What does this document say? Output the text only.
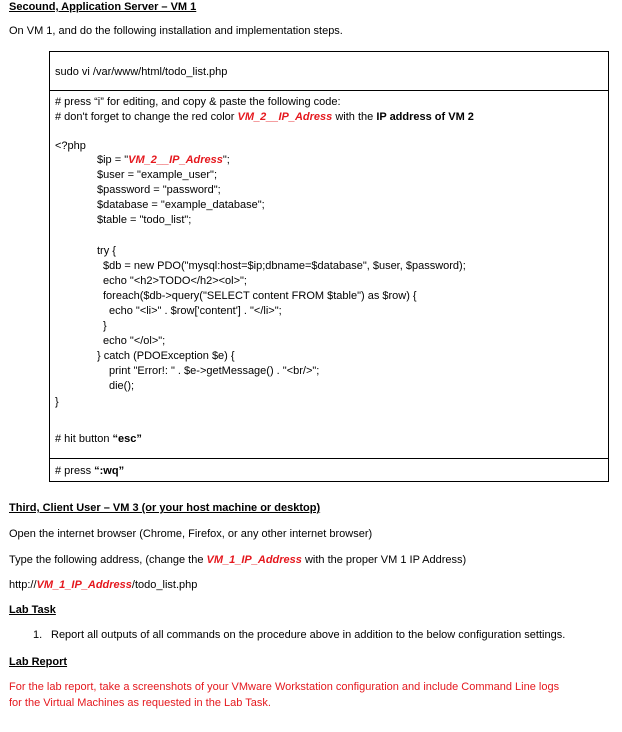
Secound, Application Server – VM 1
On VM 1, and do the following installation and implementation steps.
sudo vi /var/www/html/todo_list.php
# press “i” for editing, and copy & paste the following code:
# don't forget to change the red color VM_2__IP_Adress with the IP address of VM 2
<?php
$ip = "VM_2__IP_Adress";
$user = "example_user";
$password = "password";
$database = "example_database";
$table = "todo_list";
try {
$db = new PDO("mysql:host=$ip;dbname=$database", $user, $password);
echo "<h2>TODO</h2><ol>";
foreach($db->query("SELECT content FROM $table") as $row) {
echo "<li>" . $row['content'] . "</li>";
}
echo "</ol>";
} catch (PDOException $e) {
print "Error!: " . $e->getMessage() . "<br/>";
die();
}
# hit button “esc”
# press “:wq”
Third, Client User – VM 3 (or your host machine or desktop)
Open the internet browser (Chrome, Firefox, or any other internet browser)
Type the following address, (change the VM_1_IP_Address with the proper VM 1 IP Address)
http://VM_1_IP_Address/todo_list.php
Lab Task
1. Report all outputs of all commands on the procedure above in addition to the below configuration settings.
Lab Report
For the lab report, take a screenshots of your VMware Workstation configuration and include Command Line logs
for the Virtual Machines as requested in the Lab Task.
